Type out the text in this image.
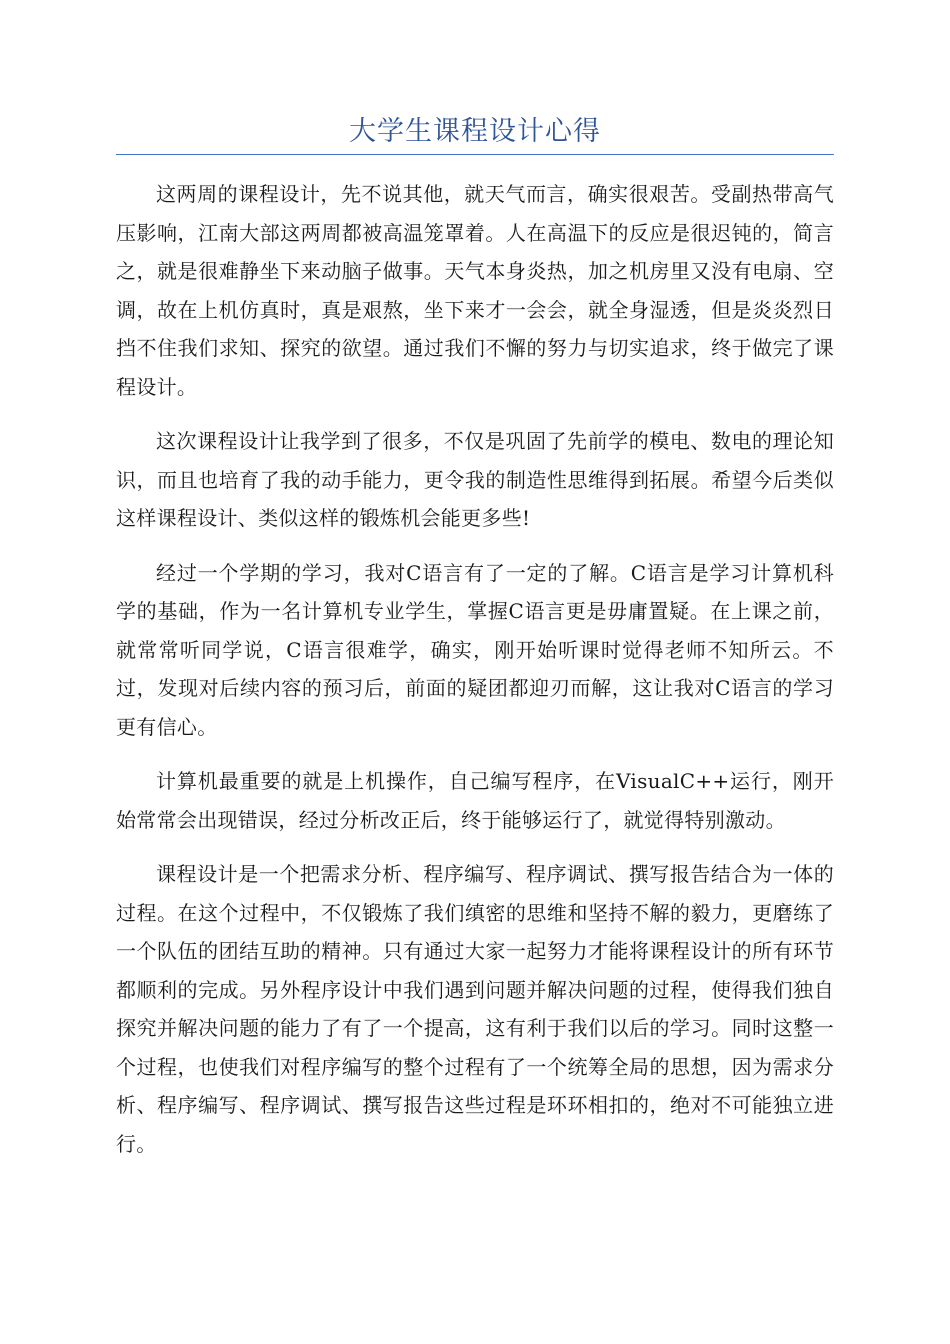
大学生课程设计心得

这两周的课程设计，先不说其他，就天气而言，确实很艰苦。受副热带高气压影响，江南大部这两周都被高温笼罩着。人在高温下的反应是很迟钝的，简言之，就是很难静坐下来动脑子做事。天气本身炎热，加之机房里又没有电扇、空调，故在上机仿真时，真是艰熬，坐下来才一会会，就全身湿透，但是炎炎烈日挡不住我们求知、探究的欲望。通过我们不懈的努力与切实追求，终于做完了课程设计。

这次课程设计让我学到了很多，不仅是巩固了先前学的模电、数电的理论知识，而且也培育了我的动手能力，更令我的制造性思维得到拓展。希望今后类似这样课程设计、类似这样的锻炼机会能更多些!

经过一个学期的学习，我对C语言有了一定的了解。C语言是学习计算机科学的基础，作为一名计算机专业学生，掌握C语言更是毋庸置疑。在上课之前，就常常听同学说，C语言很难学，确实，刚开始听课时觉得老师不知所云。不过，发现对后续内容的预习后，前面的疑团都迎刃而解，这让我对C语言的学习更有信心。

计算机最重要的就是上机操作，自己编写程序，在VisualC++运行，刚开始常常会出现错误，经过分析改正后，终于能够运行了，就觉得特别激动。

课程设计是一个把需求分析、程序编写、程序调试、撰写报告结合为一体的过程。在这个过程中，不仅锻炼了我们缜密的思维和坚持不解的毅力，更磨练了一个队伍的团结互助的精神。只有通过大家一起努力才能将课程设计的所有环节都顺利的完成。另外程序设计中我们遇到问题并解决问题的过程，使得我们独自探究并解决问题的能力了有了一个提高，这有利于我们以后的学习。同时这整一个过程，也使我们对程序编写的整个过程有了一个统筹全局的思想，因为需求分析、程序编写、程序调试、撰写报告这些过程是环环相扣的，绝对不可能独立进行。
